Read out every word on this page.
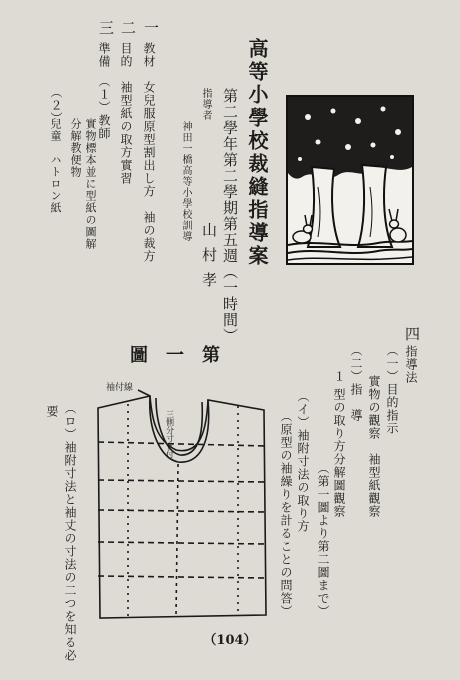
高等小學校裁縫指導案
第二學年第二學期第五週（一時間）
指導者
神田一橋高等小學校訓導
山村孝
一
教材　女兒服原型割出し方　袖の裁方
二
目的　袖型紙の取方實習
三
準備　（１）教師
實物標本並に型紙の圖解
分解教便物
（２）
兒童　ハトロン紙
四
指導法
（一）目的指示
實物の觀察　袖型紙觀察
（二）指　導
１
型の取り方分解圖觀察
（第一圖より第二圖まで）
（イ）袖附寸法の取り方
（原型の袖繰りを計ることの問答）
（ロ）袖附寸法と袖丈の寸法の二つを知る必
要
圖一第
袖付線
三側分寸き付
（104）
